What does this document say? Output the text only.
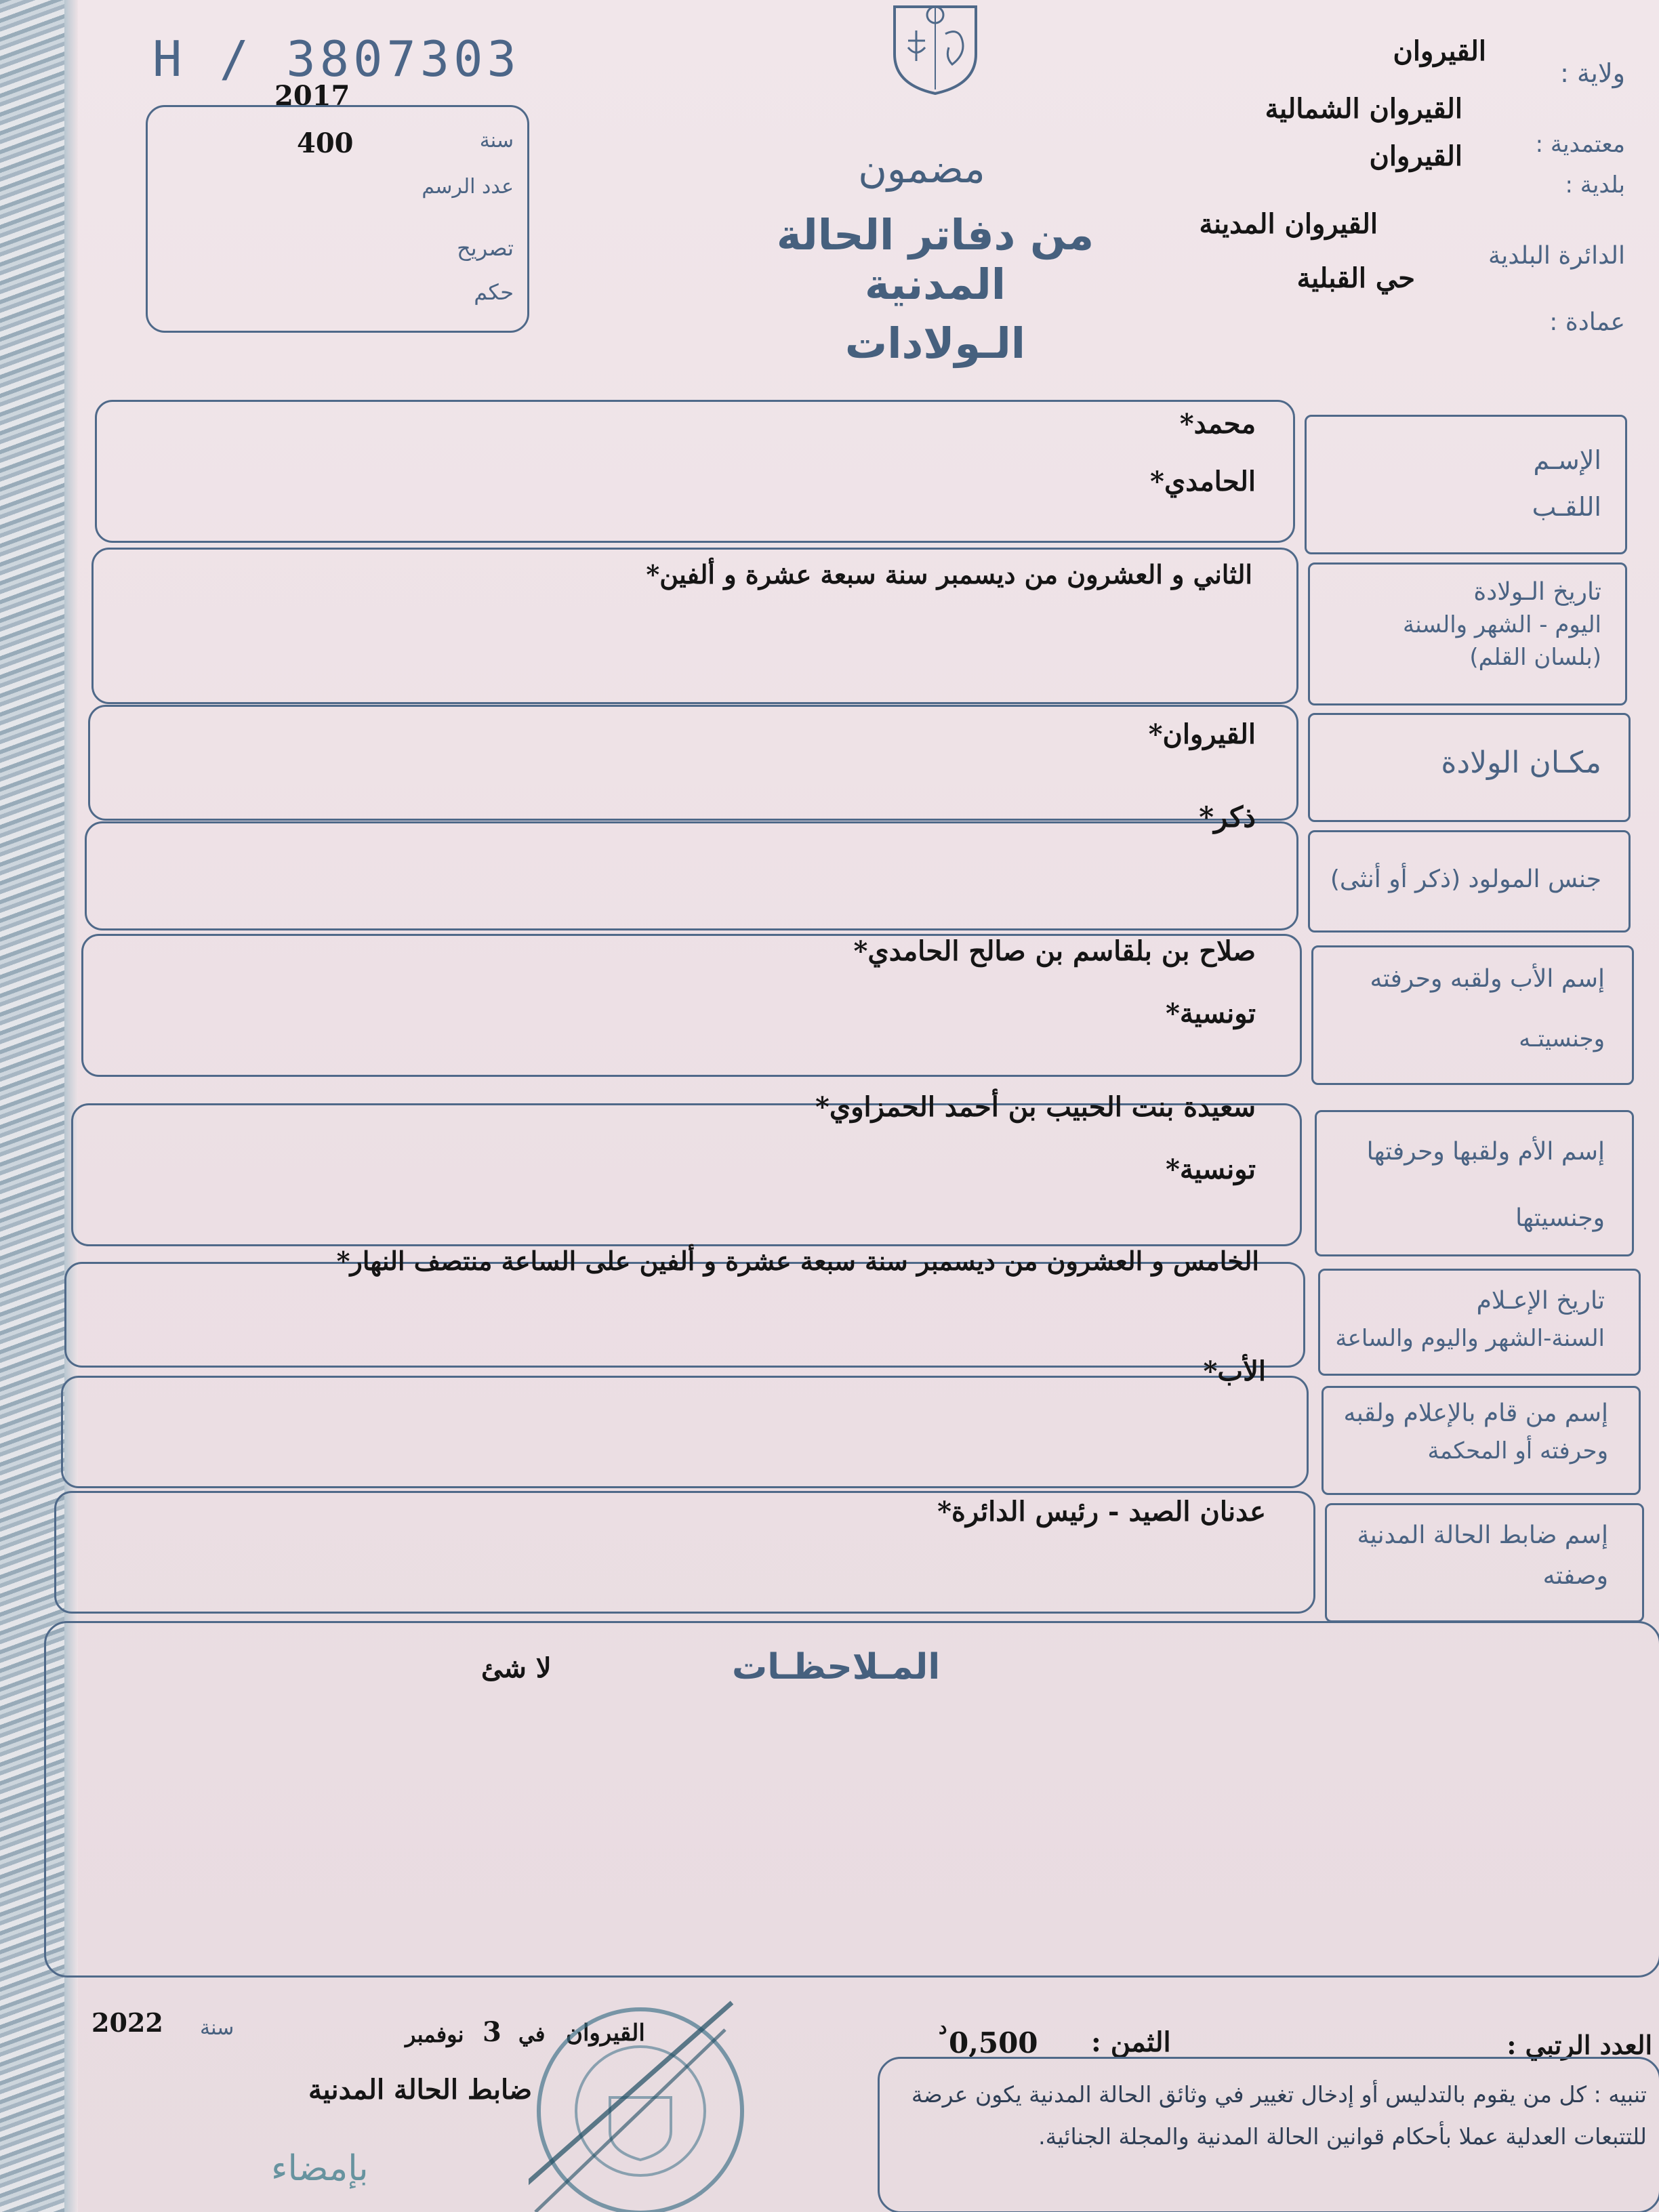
H / 3807303
2017
سنة
400
عدد الرسم
تصريح
حكم
مضمون
من دفاتر الحالة المدنية
الـولادات
ولاية :
القيروان
معتمدية :
القيروان الشمالية
بلدية :
القيروان
الدائرة البلدية
القيروان المدينة
عمادة :
حي القبلية
الإسـم
اللقـب
محمد*
الحامدي*
تاريخ الـولادة
اليوم - الشهر والسنة
(بلسان القلم)
الثاني و العشرون من ديسمبر سنة سبعة عشرة و ألفين*
مكـان الولادة
القيروان*
جنس المولود (ذكر أو أنثى)
ذكر*
إسم الأب ولقبه وحرفته
وجنسيتـه
صلاح بن بلقاسم بن صالح الحامدي*
تونسية*
إسم الأم ولقبها وحرفتها
وجنسيتها
سعيدة بنت الحبيب بن أحمد الحمزاوي*
تونسية*
تاريخ الإعـلام
السنة-الشهر واليوم والساعة
الخامس و العشرون من ديسمبر سنة سبعة عشرة و ألفين على الساعة منتصف النهار*
إسم من قام بالإعلام ولقبه
وحرفته أو المحكمة
الأب*
إسم ضابط الحالة المدنية
وصفته
عدنان الصيد - رئيس الدائرة*
المـلاحظـات
لا شئ
العدد الرتبي :
الثمن :
0,500
د
القيروان
في
3
نوفمبر
سنة
2022
ضابط الحالة المدنية
بإمضاء
تنبيه : كل من يقوم بالتدليس أو إدخال تغيير في وثائق الحالة المدنية يكون عرضة للتتبعات العدلية عملا بأحكام قوانين الحالة المدنية والمجلة الجنائية.
